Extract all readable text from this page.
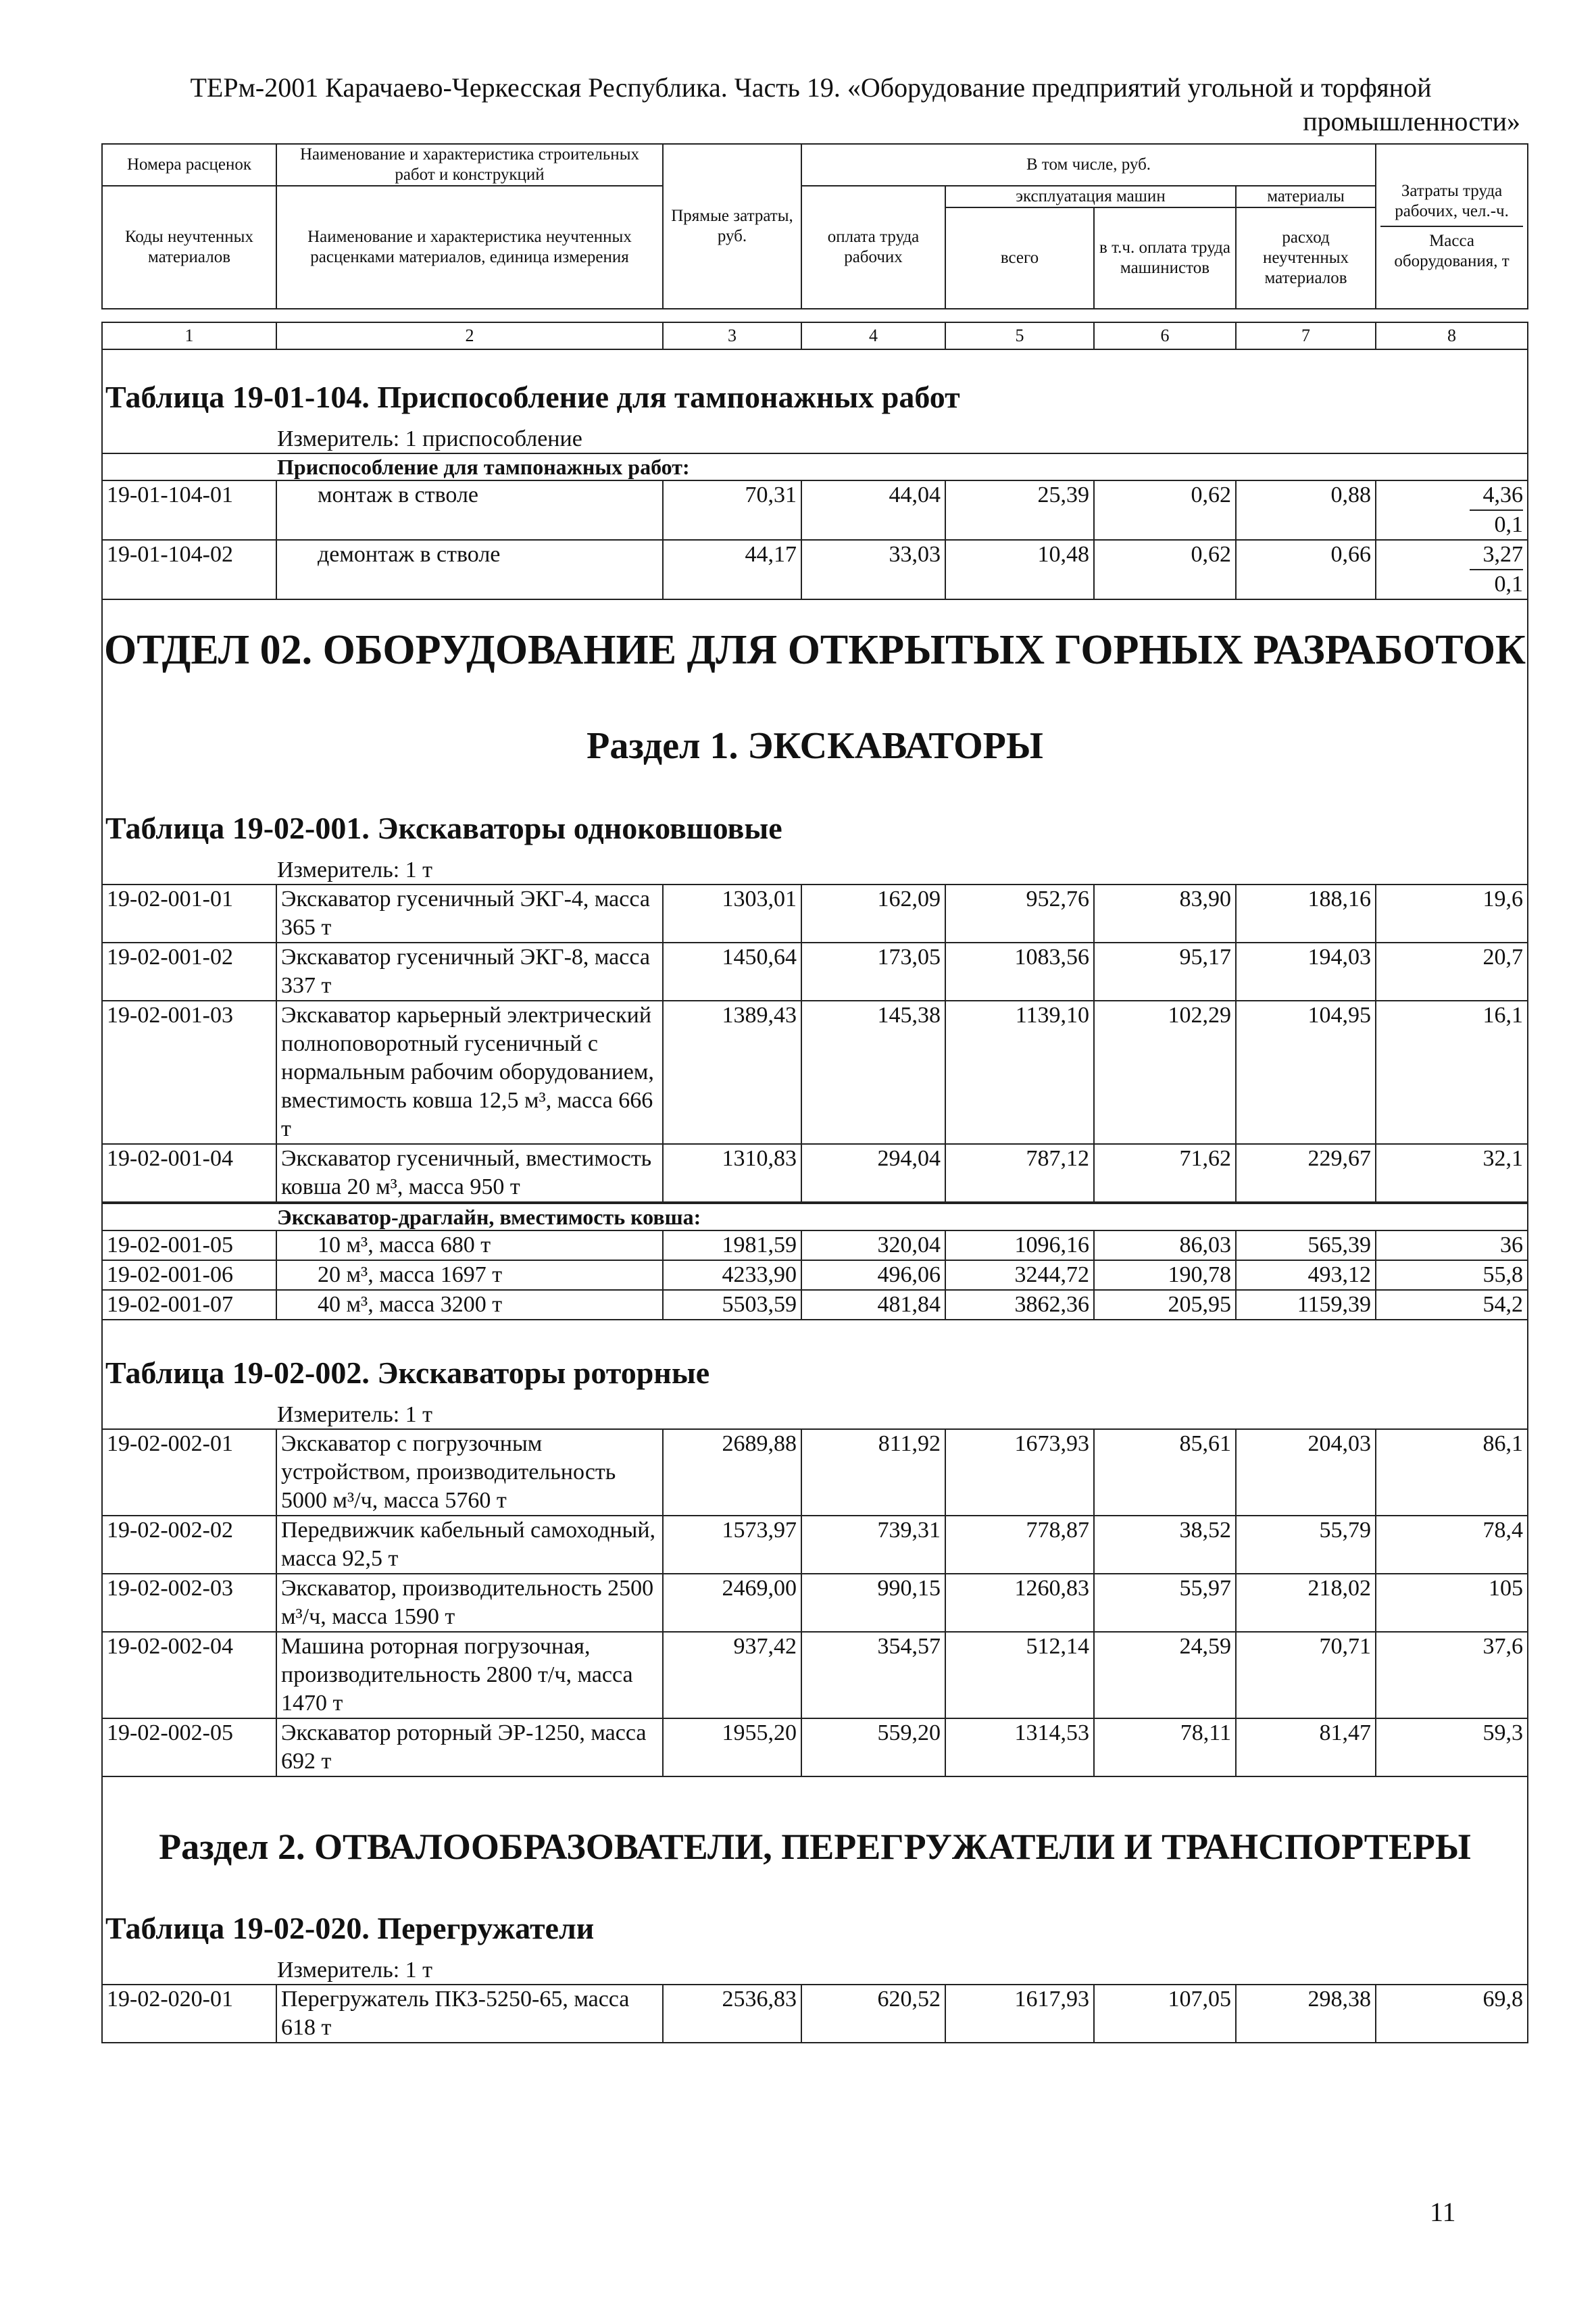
ТЕРм-2001 Карачаево-Черкесская Республика. Часть 19. «Оборудование предприятий угольной и торфяной
промышленности»
Номера расценок	Наименование и характеристика строительных работ и конструкций	Прямые затраты, руб.	В том числе, руб.				Затраты труда рабочих, чел.-ч.
Масса оборудования, т
Коды неучтенных материалов	Наименование и характеристика неучтенных расценками материалов, единица измерения		оплата труда рабочих	эксплуатация машин		материалы	
				всего	в т.ч. оплата труда машинистов	расход неучтенных материалов	

1	2	3	4	5	6	7	8

Таблица 19-01-104. Приспособление для тампонажных работ
Измеритель: 1 приспособление
Приспособление для тампонажных работ:							

19-01-104-01	монтаж в стволе	70,31	44,04	25,39	0,62	0,88	4,36
0,1

19-01-104-02	демонтаж в стволе	44,17	33,03	10,48	0,62	0,66	3,27
0,1

ОТДЕЛ 02. ОБОРУДОВАНИЕ ДЛЯ ОТКРЫТЫХ ГОРНЫХ РАЗРАБОТОК
Раздел 1. ЭКСКАВАТОРЫ
Таблица 19-02-001. Экскаваторы одноковшовые
Измеритель: 1 т							

19-02-001-01	Экскаватор гусеничный ЭКГ-4, масса 365 т	1303,01	162,09	952,76	83,90	188,16	19,6
19-02-001-02	Экскаватор гусеничный ЭКГ-8, масса 337 т	1450,64	173,05	1083,56	95,17	194,03	20,7
19-02-001-03	Экскаватор карьерный электрический полноповоротный гусеничный с нормальным рабочим оборудованием, вместимость ковша 12,5 м³, масса 666 т	1389,43	145,38	1139,10	102,29	104,95	16,1
19-02-001-04	Экскаватор гусеничный, вместимость ковша 20 м³, масса 950 т	1310,83	294,04	787,12	71,62	229,67	32,1

Экскаватор-драглайн, вместимость ковша:							

19-02-001-05	10 м³, масса 680 т	1981,59	320,04	1096,16	86,03	565,39	36
19-02-001-06	20 м³, масса 1697 т	4233,90	496,06	3244,72	190,78	493,12	55,8
19-02-001-07	40 м³, масса 3200 т	5503,59	481,84	3862,36	205,95	1159,39	54,2

Таблица 19-02-002. Экскаваторы роторные
Измеритель: 1 т							

19-02-002-01	Экскаватор с погрузочным устройством, производительность 5000 м³/ч, масса 5760 т	2689,88	811,92	1673,93	85,61	204,03	86,1
19-02-002-02	Передвижчик кабельный самоходный, масса 92,5 т	1573,97	739,31	778,87	38,52	55,79	78,4
19-02-002-03	Экскаватор, производительность 2500 м³/ч, масса 1590 т	2469,00	990,15	1260,83	55,97	218,02	105
19-02-002-04	Машина роторная погрузочная, производительность 2800 т/ч, масса 1470 т	937,42	354,57	512,14	24,59	70,71	37,6
19-02-002-05	Экскаватор роторный ЭР-1250, масса 692 т	1955,20	559,20	1314,53	78,11	81,47	59,3

Раздел 2. ОТВАЛООБРАЗОВАТЕЛИ, ПЕРЕГРУЖАТЕЛИ И ТРАНСПОРТЕРЫ
Таблица 19-02-020. Перегружатели
Измеритель: 1 т							

19-02-020-01	Перегружатель ПКЗ-5250-65, масса 618 т	2536,83	620,52	1617,93	107,05	298,38	69,8
11
